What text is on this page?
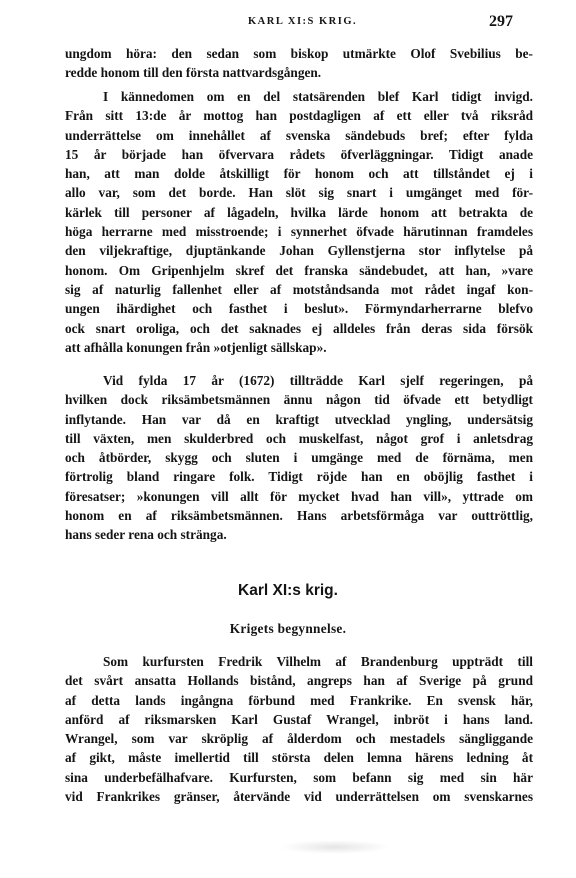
KARL XI:S KRIG.	297

ungdom höra: den sedan som biskop utmärkte Olof Svebilius be-

redde honom till den första nattvardsgången.

I kännedomen om en del statsärenden blef Karl tidigt invigd.

Från sitt 13:de år mottog han postdagligen af ett eller två riksråd

underrättelse om innehållet af svenska sändebuds bref; efter fylda

15 år började han öfvervara rådets öfverläggningar. Tidigt anade

han, att man dolde åtskilligt för honom och att tillståndet ej i

allo var, som det borde. Han slöt sig snart i umgänget med för-

kärlek till personer af lågadeln, hvilka lärde honom att betrakta de

höga herrarne med misstroende; i synnerhet öfvade härutinnan framdeles

den viljekraftige, djuptänkande Johan Gyllenstjerna stor inflytelse på

honom. Om Gripenhjelm skref det franska sändebudet, att han, »vare

sig af naturlig fallenhet eller af motståndsanda mot rådet ingaf kon-

ungen ihärdighet och fasthet i beslut». Förmyndarherrarne blefvo

ock snart oroliga, och det saknades ej alldeles från deras sida försök

att afhålla konungen från »otjenligt sällskap».

Vid fylda 17 år (1672) tillträdde Karl sjelf regeringen, på

hvilken dock riksämbetsmännen ännu någon tid öfvade ett betydligt

inflytande. Han var då en kraftigt utvecklad yngling, undersätsig

till växten, men skulderbred och muskelfast, något grof i anletsdrag

och åtbörder, skygg och sluten i umgänge med de förnäma, men

förtrolig bland ringare folk. Tidigt röjde han en oböjlig fasthet i

föresatser; »konungen vill allt för mycket hvad han vill», yttrade om

honom en af riksämbetsmännen. Hans arbetsförmåga var outtröttlig,

hans seder rena och stränga.

Karl XI:s krig.
Krigets begynnelse.

Som kurfursten Fredrik Vilhelm af Brandenburg uppträdt till

det svårt ansatta Hollands bistånd, angreps han af Sverige på grund

af detta lands ingångna förbund med Frankrike. En svensk här,

anförd af riksmarsken Karl Gustaf Wrangel, inbröt i hans land.

Wrangel, som var skröplig af ålderdom och mestadels sängliggande

af gikt, måste imellertid till största delen lemna härens ledning åt

sina underbefälhafvare. Kurfursten, som befann sig med sin här

vid Frankrikes gränser, återvände vid underrättelsen om svenskarnes
